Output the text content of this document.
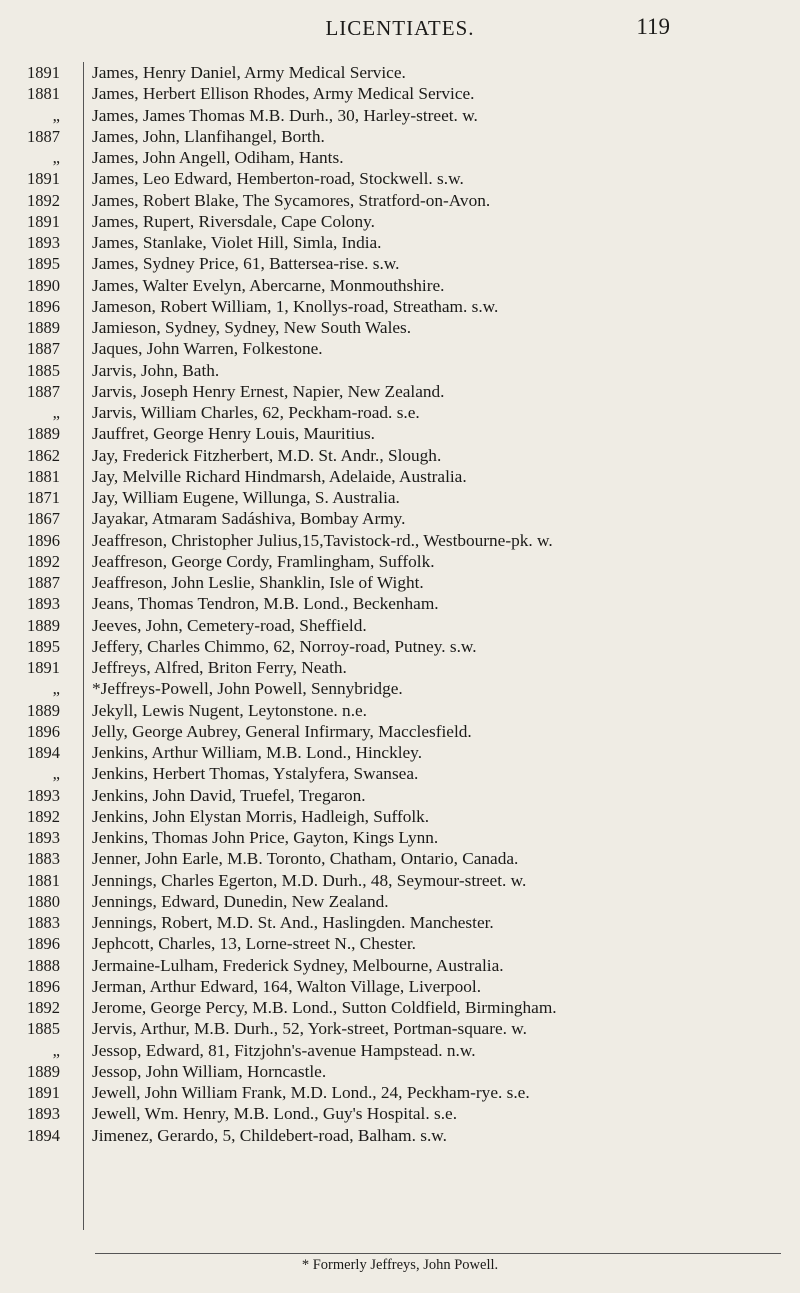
LICENTIATES.	119
1891
1881
„
1887
„
1891
1892
1891
1893
1895
1890
1896
1889
1887
1885
1887
„
1889
1862
1881
1871
1867
1896
1892
1887
1893
1889
1895
1891
„
1889
1896
1894
„
1893
1892
1893
1883
1881
1880
1883
1896
1888
1896
1892
1885
„
1889
1891
1893
1894
James, Henry Daniel, Army Medical Service.
James, Herbert Ellison Rhodes, Army Medical Service.
James, James Thomas M.B. Durh., 30, Harley-street. w.
James, John, Llanfihangel, Borth.
James, John Angell, Odiham, Hants.
James, Leo Edward, Hemberton-road, Stockwell. s.w.
James, Robert Blake, The Sycamores, Stratford-on-Avon.
James, Rupert, Riversdale, Cape Colony.
James, Stanlake, Violet Hill, Simla, India.
James, Sydney Price, 61, Battersea-rise. s.w.
James, Walter Evelyn, Abercarne, Monmouthshire.
Jameson, Robert William, 1, Knollys-road, Streatham. s.w.
Jamieson, Sydney, Sydney, New South Wales.
Jaques, John Warren, Folkestone.
Jarvis, John, Bath.
Jarvis, Joseph Henry Ernest, Napier, New Zealand.
Jarvis, William Charles, 62, Peckham-road. s.e.
Jauffret, George Henry Louis, Mauritius.
Jay, Frederick Fitzherbert, M.D. St. Andr., Slough.
Jay, Melville Richard Hindmarsh, Adelaide, Australia.
Jay, William Eugene, Willunga, S. Australia.
Jayakar, Atmaram Sadáshiva, Bombay Army.
Jeaffreson, Christopher Julius,15,Tavistock-rd., Westbourne-pk. w.
Jeaffreson, George Cordy, Framlingham, Suffolk.
Jeaffreson, John Leslie, Shanklin, Isle of Wight.
Jeans, Thomas Tendron, M.B. Lond., Beckenham.
Jeeves, John, Cemetery-road, Sheffield.
Jeffery, Charles Chimmo, 62, Norroy-road, Putney. s.w.
Jeffreys, Alfred, Briton Ferry, Neath.
*Jeffreys-Powell, John Powell, Sennybridge.
Jekyll, Lewis Nugent, Leytonstone. n.e.
Jelly, George Aubrey, General Infirmary, Macclesfield.
Jenkins, Arthur William, M.B. Lond., Hinckley.
Jenkins, Herbert Thomas, Ystalyfera, Swansea.
Jenkins, John David, Truefel, Tregaron.
Jenkins, John Elystan Morris, Hadleigh, Suffolk.
Jenkins, Thomas John Price, Gayton, Kings Lynn.
Jenner, John Earle, M.B. Toronto, Chatham, Ontario, Canada.
Jennings, Charles Egerton, M.D. Durh., 48, Seymour-street. w.
Jennings, Edward, Dunedin, New Zealand.
Jennings, Robert, M.D. St. And., Haslingden. Manchester.
Jephcott, Charles, 13, Lorne-street N., Chester.
Jermaine-Lulham, Frederick Sydney, Melbourne, Australia.
Jerman, Arthur Edward, 164, Walton Village, Liverpool.
Jerome, George Percy, M.B. Lond., Sutton Coldfield, Birmingham.
Jervis, Arthur, M.B. Durh., 52, York-street, Portman-square. w.
Jessop, Edward, 81, Fitzjohn's-avenue Hampstead. n.w.
Jessop, John William, Horncastle.
Jewell, John William Frank, M.D. Lond., 24, Peckham-rye. s.e.
Jewell, Wm. Henry, M.B. Lond., Guy's Hospital. s.e.
Jimenez, Gerardo, 5, Childebert-road, Balham. s.w.
* Formerly Jeffreys, John Powell.
